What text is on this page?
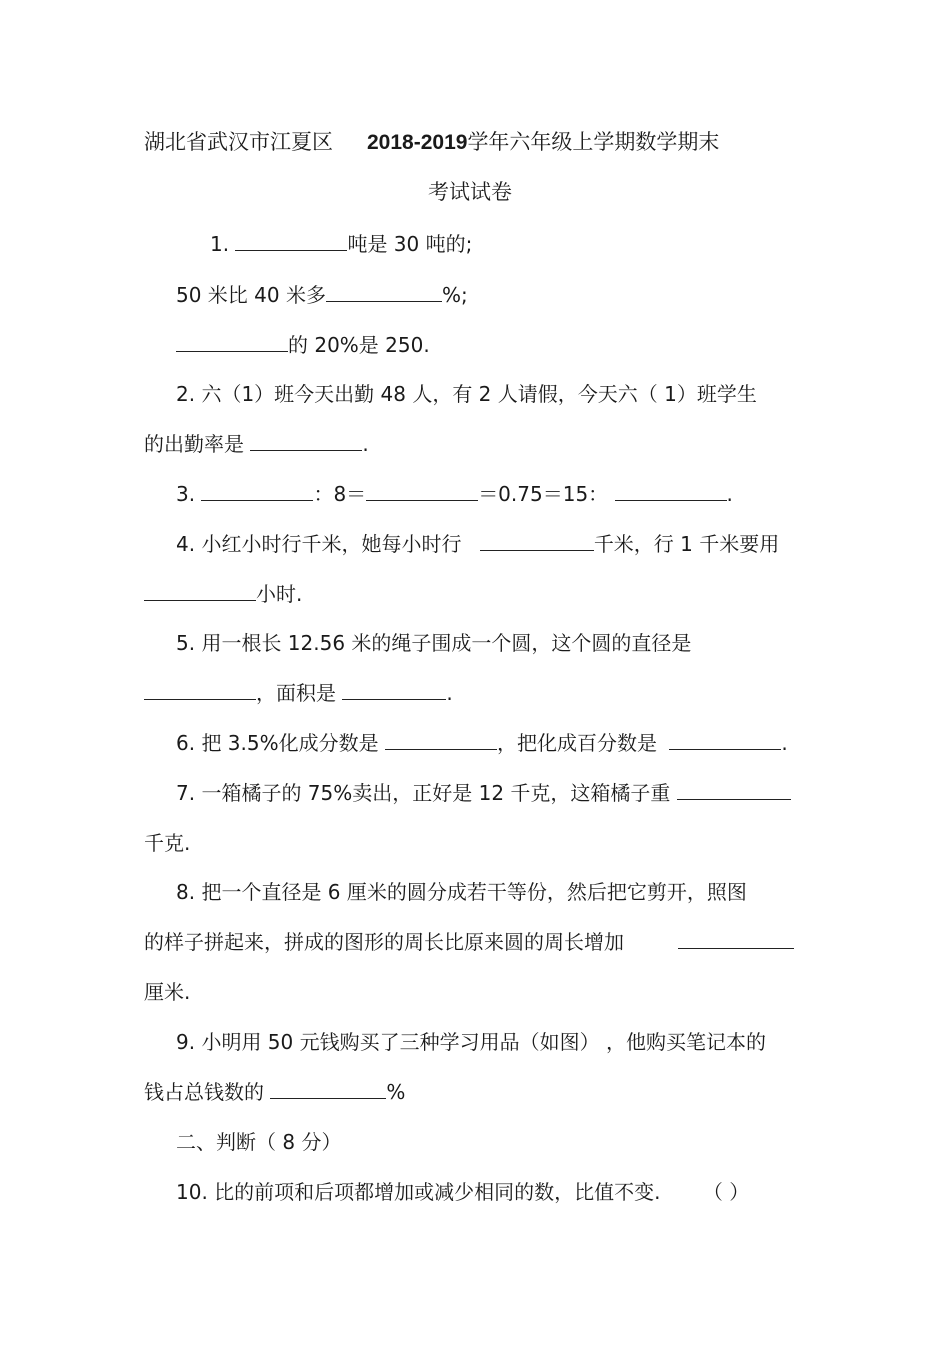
湖北省武汉市江夏区 2018-2019学年六年级上学期数学期末
考试试卷
1.	吨是 30 吨的;
50 米比 40 米多	%;
的 20%是 250.
2. 六（1）班今天出勤 48 人，有 2 人请假，今天六（ 1）班学生
的出勤率是	.
3.	：8＝	＝0.75＝15：	.
4. 小红小时行千米，她每小时行	千米，行 1 千米要用
小时.
5. 用一根长 12.56 米的绳子围成一个圆，这个圆的直径是
，面积是	.
6. 把 3.5%化成分数是	，把化成百分数是	.
7. 一箱橘子的 75%卖出，正好是 12 千克，这箱橘子重
千克.
8. 把一个直径是 6 厘米的圆分成若干等份，然后把它剪开，照图
的样子拼起来，拼成的图形的周长比原来圆的周长增加
厘米.
9. 小明用 50 元钱购买了三种学习用品（如图） ，他购买笔记本的
钱占总钱数的	%
二、判断（ 8 分）
10. 比的前项和后项都增加或减少相同的数，比值不变. （ ）
